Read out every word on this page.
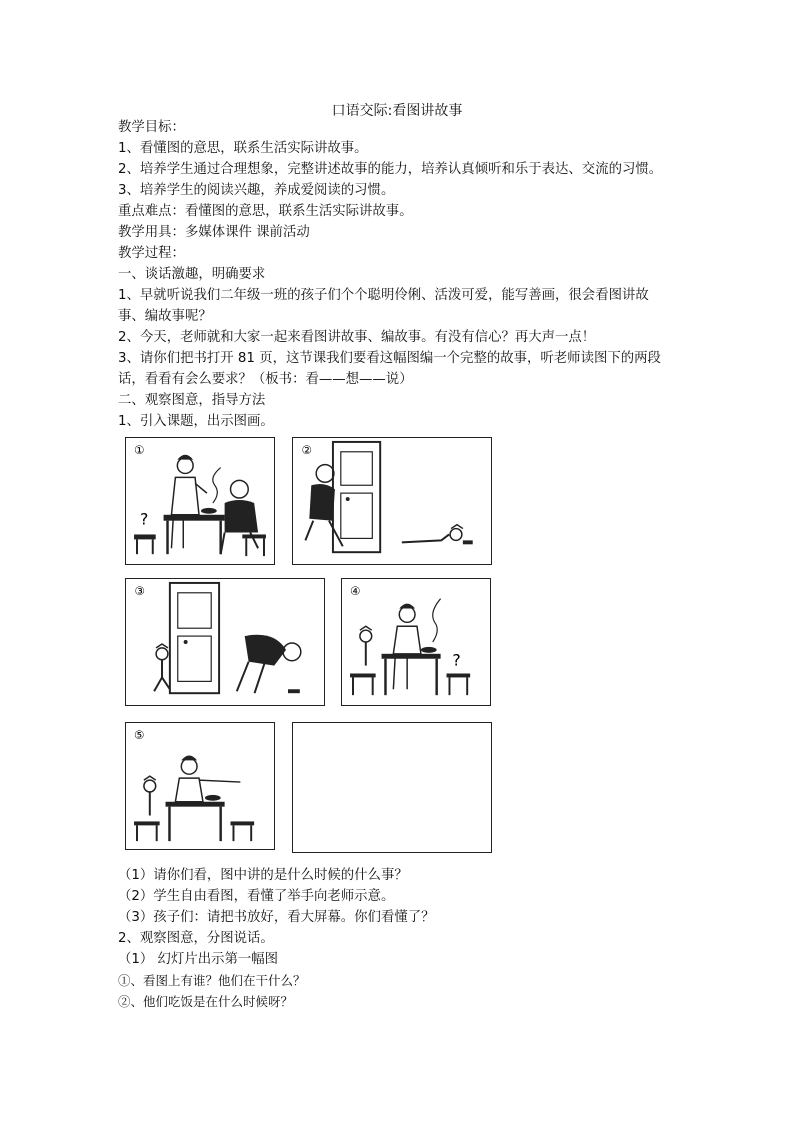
口语交际:看图讲故事
教学目标：
1、看懂图的意思，联系生活实际讲故事。
2、培养学生通过合理想象，完整讲述故事的能力，培养认真倾听和乐于表达、交流的习惯。
3、培养学生的阅读兴趣，养成爱阅读的习惯。
重点难点：看懂图的意思，联系生活实际讲故事。
教学用具：多媒体课件 课前活动
教学过程：
一、谈话激趣，明确要求
1、早就听说我们二年级一班的孩子们个个聪明伶俐、活泼可爱，能写善画，很会看图讲故
事、编故事呢？
2、今天，老师就和大家一起来看图讲故事、编故事。有没有信心？再大声一点！
3、请你们把书打开 81 页，这节课我们要看这幅图编一个完整的故事，听老师读图下的两段
话，看看有会么要求？（板书：看——想——说）
二、观察图意，指导方法
1、引入课题，出示图画。
①
?
②
③	④
?
⑤
（1）请你们看，图中讲的是什么时候的什么事？
（2）学生自由看图，看懂了举手向老师示意。
（3）孩子们：请把书放好，看大屏幕。你们看懂了？
2、观察图意，分图说话。
（1） 幻灯片出示第一幅图
①、看图上有谁？他们在干什么？
②、他们吃饭是在什么时候呀？
